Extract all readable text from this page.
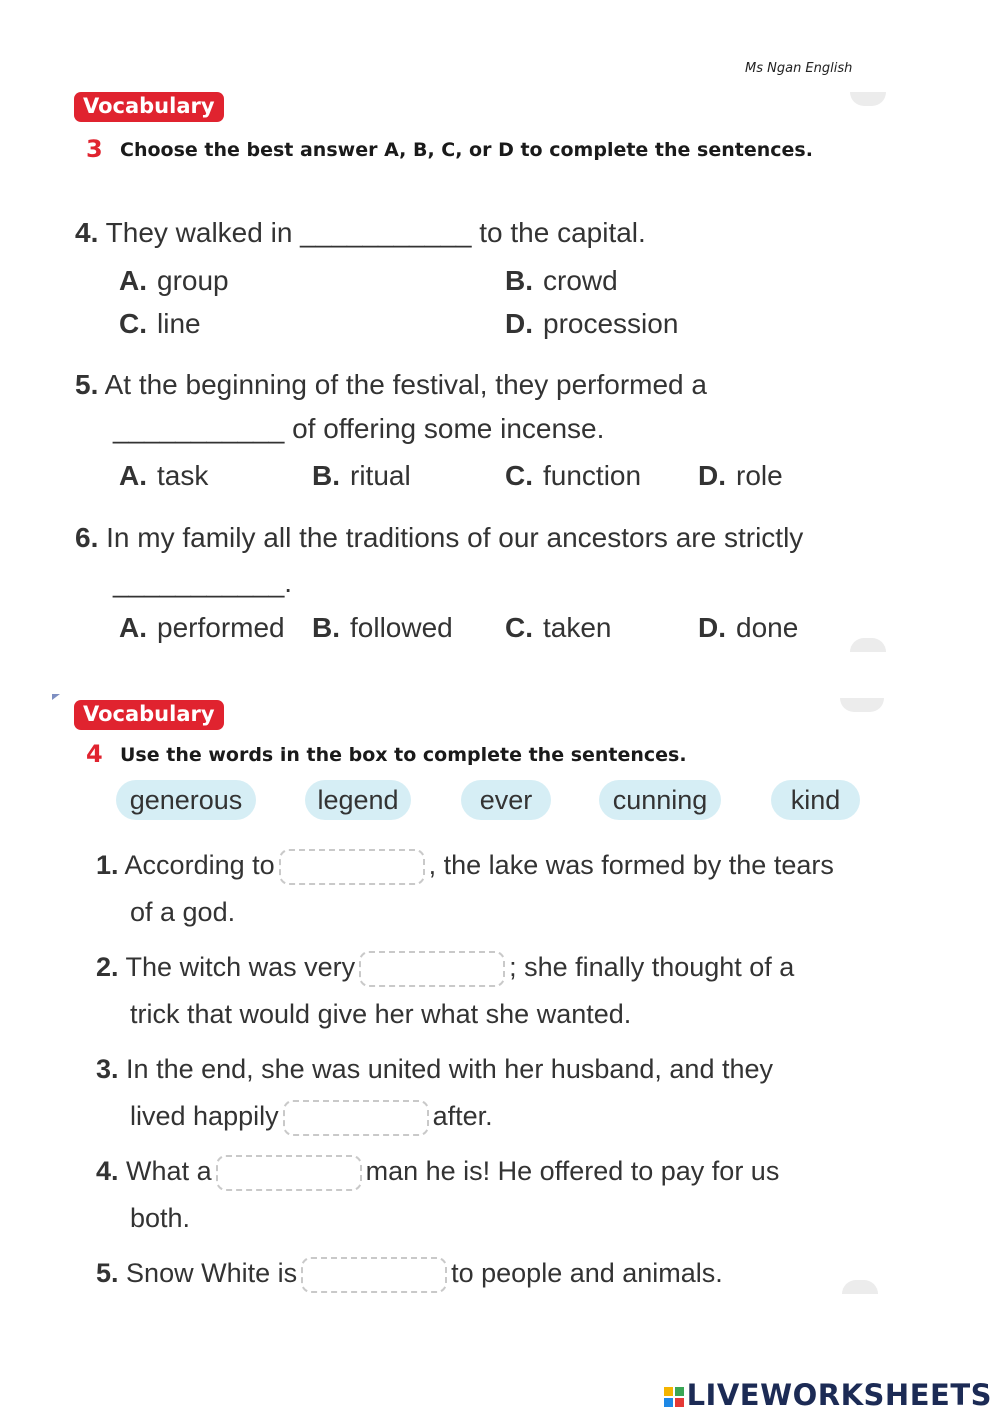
Ms Ngan English
Vocabulary
3 Choose the best answer A, B, C, or D to complete the sentences.
4. They walked in ___________ to the capital.
A. group	B. crowd
C. line	D. procession
5. At the beginning of the festival, they performed a
___________ of offering some incense.
A. task	B. ritual	C. function D. role
6. In my family all the traditions of our ancestors are strictly
___________.
A. performed B. followed C. taken	D. done
Vocabulary
4 Use the words in the box to complete the sentences.
generous	legend	ever	cunning	kind
1. According to	, the lake was formed by the tears
of a god.
2. The witch was very	; she finally thought of a
trick that would give her what she wanted.
3. In the end, she was united with her husband, and they
lived happily	after.
4. What a	man he is! He offered to pay for us
both.
5. Snow White is	to people and animals.
LIVEWORKSHEETS
